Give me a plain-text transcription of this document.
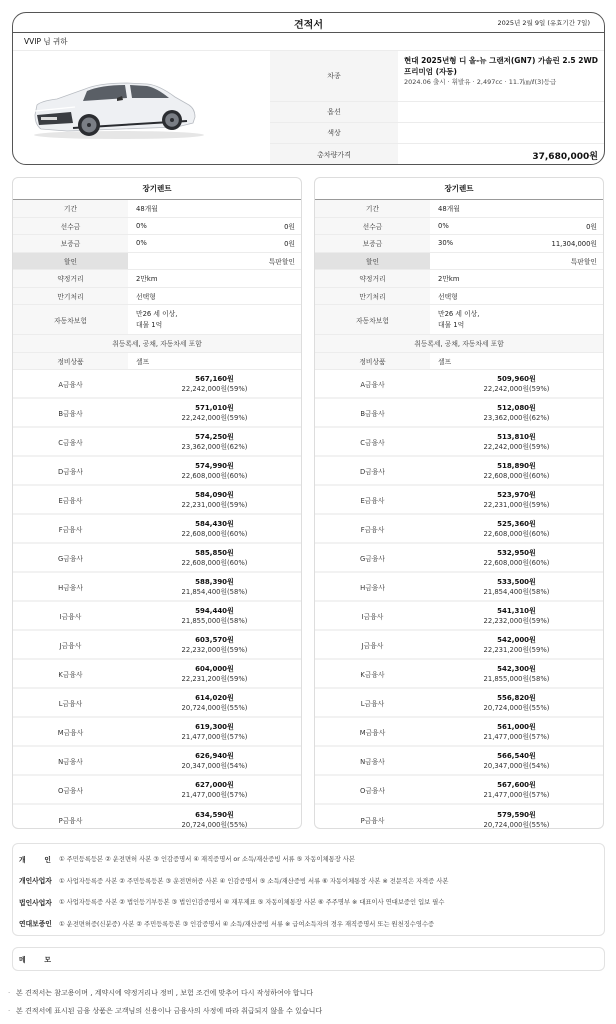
견적서	2025년 2월 9일 (유효기간 7일)
VVIP 님 귀하
차종
현대 2025년형 디 올-뉴 그랜저(GN7) 가솔린 2.5 2WD 프리미엄 (자동)
2024.06 출시 · 휘발유 · 2,497cc · 11.7㎞/ℓ(3)등급
옵션
색상
총차량가격	37,680,000원
장기렌트
기간	48개월
선수금	0%	0원
보증금	0%	0원
할인	특판할인
약정거리	2만km
만기처리	선택형
자동차보험
만26 세 이상,
대물 1억
취등록세, 공채, 자동차세 포함
정비상품	셀프
A금융사
567,160원
22,242,000원(59%)
B금융사
571,010원
22,242,000원(59%)
C금융사
574,250원
23,362,000원(62%)
D금융사
574,990원
22,608,000원(60%)
E금융사
584,090원
22,231,000원(59%)
F금융사
584,430원
22,608,000원(60%)
G금융사
585,850원
22,608,000원(60%)
H금융사
588,390원
21,854,400원(58%)
I금융사
594,440원
21,855,000원(58%)
J금융사
603,570원
22,232,000원(59%)
K금융사
604,000원
22,231,200원(59%)
L금융사
614,020원
20,724,000원(55%)
M금융사
619,300원
21,477,000원(57%)
N금융사
626,940원
20,347,000원(54%)
O금융사
627,000원
21,477,000원(57%)
P금융사
634,590원
20,724,000원(55%)
장기렌트
기간	48개월
선수금	0%	0원
보증금	30%	11,304,000원
할인	특판할인
약정거리	2만km
만기처리	선택형
자동차보험
만26 세 이상,
대물 1억
취등록세, 공채, 자동차세 포함
정비상품	셀프
A금융사
509,960원
22,242,000원(59%)
B금융사
512,080원
23,362,000원(62%)
C금융사
513,810원
22,242,000원(59%)
D금융사
518,890원
22,608,000원(60%)
E금융사
523,970원
22,231,000원(59%)
F금융사
525,360원
22,608,000원(60%)
G금융사
532,950원
22,608,000원(60%)
H금융사
533,500원
21,854,400원(58%)
I금융사
541,310원
22,232,000원(59%)
J금융사
542,000원
22,231,200원(59%)
K금융사
542,300원
21,855,000원(58%)
L금융사
556,820원
20,724,000원(55%)
M금융사
561,000원
21,477,000원(57%)
N금융사
566,540원
20,347,000원(54%)
O금융사
567,600원
21,477,000원(57%)
P금융사
579,590원
20,724,000원(55%)
개	인 ① 주민등록등본 ② 운전면허 사본 ③ 인감증명서 ④ 재직증명서 or 소득/재산증빙 서류 ⑤ 자동이체통장 사본
개인사업자	① 사업자등록증 사본 ② 주민등록등본 ③ 운전면허증 사본 ④ 인감증명서 ⑤ 소득/재산증빙 서류 ⑥ 자동이체통장 사본 ※ 전문직은 자격증 사본
법인사업자	① 사업자등록증 사본 ② 법인등기부등본 ③ 법인인감증명서 ④ 재무제표 ⑤ 자동이체통장 사본 ⑥ 주주명부 ※ 대표이사 연대보증인 입보 필수
연대보증인	① 운전면허증(신분증) 사본 ② 주민등록등본 ③ 인감증명서 ④ 소득/재산증빙 서류 ※ 급여소득자의 경우 재직증명서 또는 원천징수영수증
메	모
· 본 견적서는 참고용이며 , 계약시에 약정거리나 정비 , 보험 조건에 맞추어 다시 작성하여야 합니다
· 본 견적서에 표시된 금융 상품은 고객님의 신용이나 금융사의 사정에 따라 취급되지 않을 수 있습니다
